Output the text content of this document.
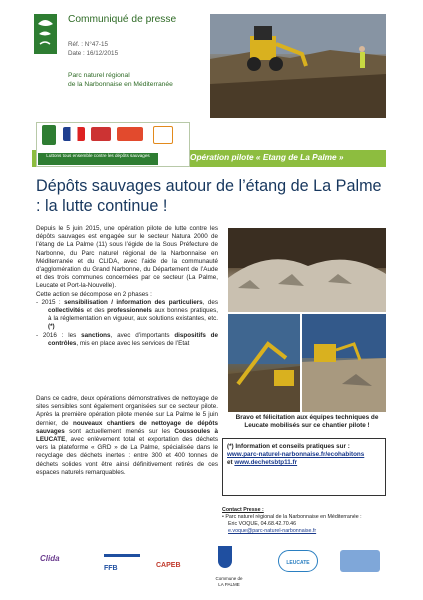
Communiqué de presse
Réf. : N°47-15
Date : 16/12/2015
Parc naturel régional
de la Narbonnaise en Méditerranée
Luttons tous ensemble contre les dépôts sauvages	Opération pilote « Etang de La Palme »
Dépôts sauvages autour de l’étang de La Palme : la lutte continue !

Depuis le 5 juin 2015, une opération pilote de lutte contre les dépôts sauvages est engagée sur le secteur Natura 2000 de l’étang de La Palme (11) sous l’égide de la Sous Préfecture de Narbonne, du Parc naturel régional de la Narbonnaise en Méditerranée et du CLIDA, avec l’aide de la communauté d’agglomération du Grand Narbonne, du Département de l’Aude et des trois communes concernées par ce secteur (La Palme, Leucate et Port-la-Nouvelle).

Cette action se décompose en 2 phases :

- 2015 : sensibilisation / information des particuliers, des collectivités et des professionnels aux bonnes pratiques, à la réglementation en vigueur, aux solutions existantes, etc. (*)
- 2016 : les sanctions, avec d’importants dispositifs de contrôles, mis en place avec les services de l’Etat
Dans ce cadre, deux opérations démonstratives de nettoyage de sites sensibles sont également organisées sur ce secteur pilote. Après la première opération pilote menée sur La Palme le 5 juin dernier, de nouveaux chantiers de nettoyage de dépôts sauvages sont actuellement menés sur les Coussoules à LEUCATE, avec enlèvement total et exportation des déchets vers la plateforme « GRD » de La Palme, spécialisée dans le recyclage des déchets inertes : entre 300 et 400 tonnes de déchets solides vont être ainsi définitivement retirés de ces espaces naturels remarquables.
Bravo et félicitation aux équipes techniques de Leucate mobilisés sur ce chantier pilote !
(*) Information et conseils pratiques sur :
www.parc-naturel-narbonnaise.fr/ecohabitons
et www.dechetsbtp11.fr
Contact Presse :
• Parc naturel régional de la Narbonnaise en Méditerranée :
Eric VOQUE, 04.68.42.70.46
e.voque@parc-naturel-narbonnaise.fr
Clida
FFB	CAPEB	LEUCATE
Commune de LA PALME
